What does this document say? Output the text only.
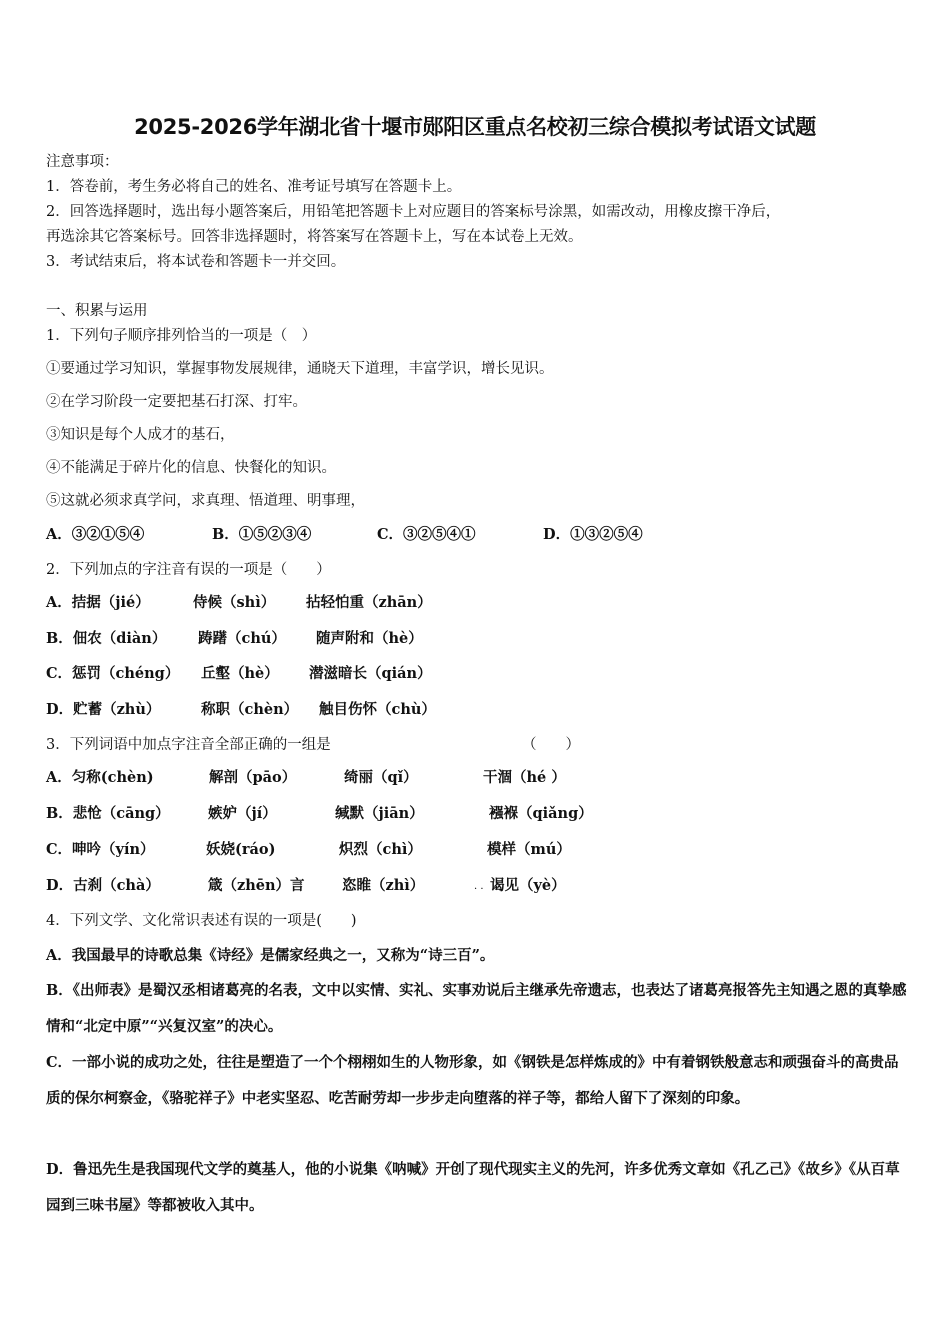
2025-2026学年湖北省十堰市郧阳区重点名校初三综合模拟考试语文试题
注意事项：
1．答卷前，考生务必将自己的姓名、准考证号填写在答题卡上。
2．回答选择题时，选出每小题答案后，用铅笔把答题卡上对应题目的答案标号涂黑，如需改动，用橡皮擦干净后，
再选涂其它答案标号。回答非选择题时，将答案写在答题卡上，写在本试卷上无效。
3．考试结束后，将本试卷和答题卡一并交回。
一、积累与运用
1．下列句子顺序排列恰当的一项是（　）
①要通过学习知识，掌握事物发展规律，通晓天下道理，丰富学识，增长见识。
②在学习阶段一定要把基石打深、打牢。
③知识是每个人成才的基石，
④不能满足于碎片化的信息、快餐化的知识。
⑤这就必须求真学问，求真理、悟道理、明事理，
A．③②①⑤④	B．①⑤②③④	C．③②⑤④①	D．①③②⑤④
2．下列加点的字注音有误的一项是（　　）
A．拮据（jié）	侍候（shì） 拈轻怕重（zhān）
B．佃农（diàn） 踌躇（chú） 随声附和（hè）
C．惩罚（chéng） 丘壑（hè） 潜滋暗长（qián）
D．贮蓄（zhù）	称职（chèn） 触目伤怀（chù）
3．下列词语中加点字注音全部正确的一组是	（　　）
A．匀称(chèn)	解剖（pāo）	绮丽（qǐ）	干涸（hé ）
B．悲怆（cāng）	嫉妒（jí）	缄默（jiān）	襁褓（qiǎng）
C．呻吟（yín）	妖娆(ráo)	炽烈（chì）	模样（mú）
D．古刹（chà）	箴（zhēn）言	恣睢（zhì）	· · 谒见（yè）
4．下列文学、文化常识表述有误的一项是(　　)
A．我国最早的诗歌总集《诗经》是儒家经典之一，又称为“诗三百”。
B．《出师表》是蜀汉丞相诸葛亮的名表，文中以实情、实礼、实事劝说后主继承先帝遗志，也表达了诸葛亮报答先主知遇之恩的真挚感情和“北定中原”“兴复汉室”的决心。
C．一部小说的成功之处，往往是塑造了一个个栩栩如生的人物形象，如《钢铁是怎样炼成的》中有着钢铁般意志和顽强奋斗的高贵品质的保尔柯察金，《骆驼祥子》中老实坚忍、吃苦耐劳却一步步走向堕落的祥子等，都给人留下了深刻的印象。
D．鲁迅先生是我国现代文学的奠基人，他的小说集《呐喊》开创了现代现实主义的先河，许多优秀文章如《孔乙己》《故乡》《从百草园到三味书屋》等都被收入其中。
